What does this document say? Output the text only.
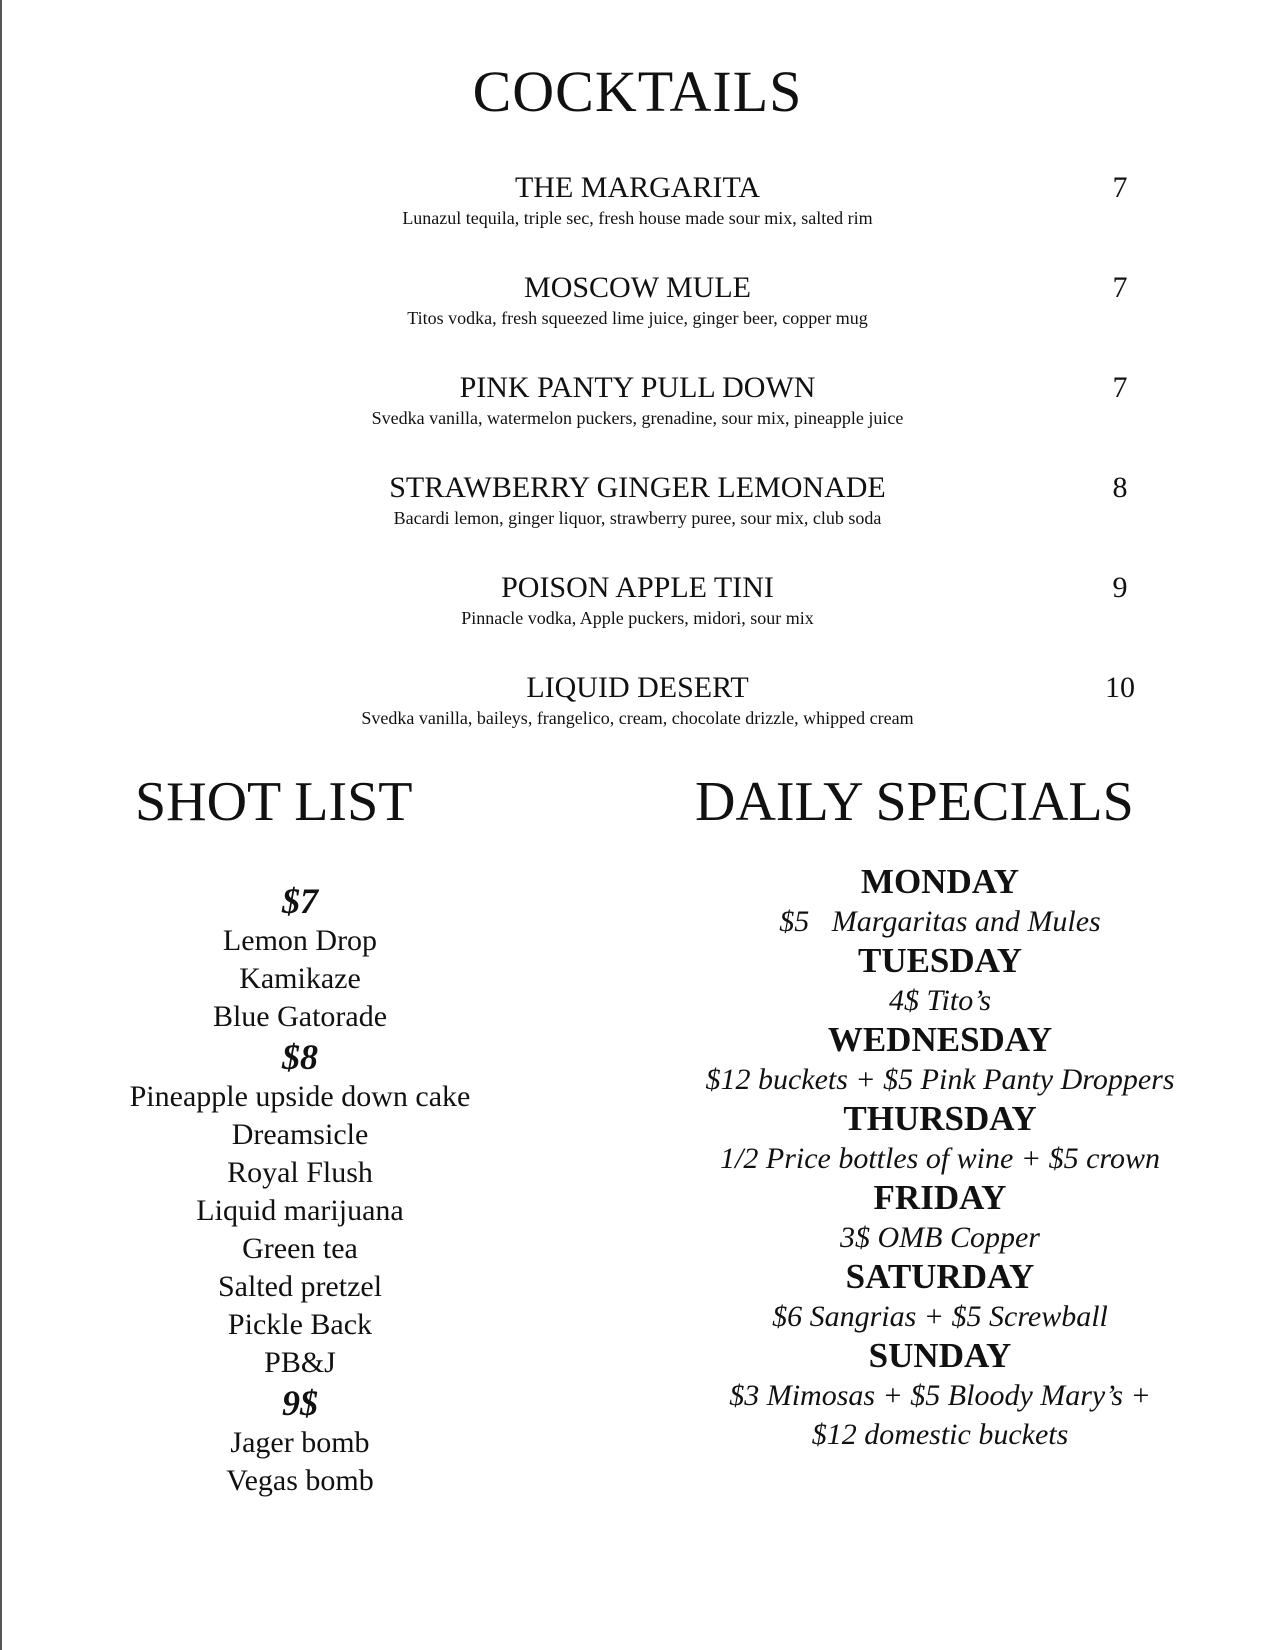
COCKTAILS
THE MARGARITA	7
Lunazul tequila, triple sec, fresh house made sour mix, salted rim
MOSCOW MULE	7
Titos vodka, fresh squeezed lime juice, ginger beer, copper mug
PINK PANTY PULL DOWN	7
Svedka vanilla, watermelon puckers, grenadine, sour mix, pineapple juice
STRAWBERRY GINGER LEMONADE	8
Bacardi lemon, ginger liquor, strawberry puree, sour mix, club soda
POISON APPLE TINI	9
Pinnacle vodka, Apple puckers, midori, sour mix
LIQUID DESERT	10
Svedka vanilla, baileys, frangelico, cream, chocolate drizzle, whipped cream
SHOT LIST	DAILY SPECIALS
$7
Lemon Drop
Kamikaze
Blue Gatorade
$8
Pineapple upside down cake
Dreamsicle
Royal Flush
Liquid marijuana
Green tea
Salted pretzel
Pickle Back
PB&J
9$
Jager bomb
Vegas bomb
MONDAY
$5   Margaritas and Mules
TUESDAY
4$ Tito’s
WEDNESDAY
$12 buckets + $5 Pink Panty Droppers
THURSDAY
1/2 Price bottles of wine + $5 crown
FRIDAY
3$ OMB Copper
SATURDAY
$6 Sangrias + $5 Screwball
SUNDAY
$3 Mimosas + $5 Bloody Mary’s +
$12 domestic buckets
